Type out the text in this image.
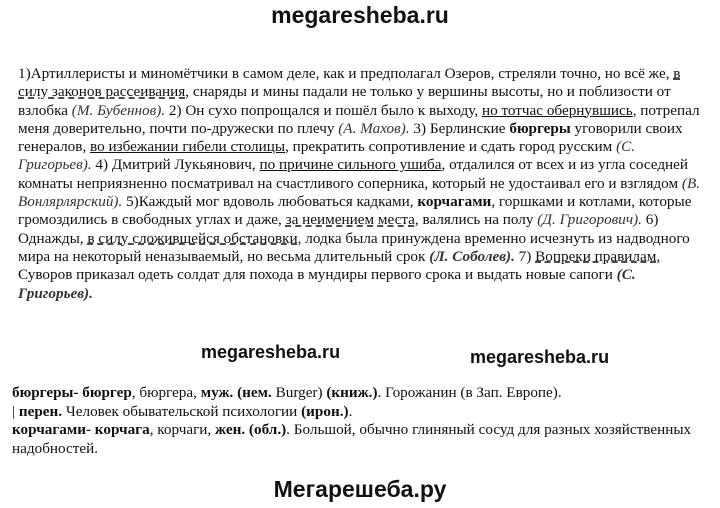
megaresheba.ru

1)Артиллеристы и миномётчики в самом деле, как и предполагал Озеров, стреляли точно, но всё же, в силу законов рассеивания, снаряды и мины падали не только у вершины высоты, но и поблизости от взлобка (М. Бубеннов). 2) Он сухо попрощался и пошёл было к выходу, но тотчас обернувшись, потрепал меня доверительно, почти по-дружески по плечу (А. Махов). 3) Берлинские бюргеры уговорили своих генералов, во избежании гибели столицы, прекратить сопротивление и сдать город русским (С. Григорьев). 4) Дмитрий Лукьянович, по причине сильного ушиба, отдалился от всех и из угла соседней комнаты неприязненно посматривал на счастливого соперника, который не удостаивал его и взглядом (В. Вонлярлярский). 5)Каждый мог вдоволь любоваться кадками, корчагами, горшками и котлами, которые громоздились в свободных углах и даже, за неимением места, валялись на полу (Д. Григорович). 6) Однажды, в силу сложившейся обстановки, лодка была принуждена временно исчезнуть из надводного мира на некоторый неназываемый, но весьма длительный срок (Л. Соболев). 7) Вопреки правилам, Суворов приказал одеть солдат для похода в мундиры первого срока и выдать новые сапоги (С. Григорьев).

megaresheba.ru	megaresheba.ru

бюргеры- бюргер, бюргера, муж. (нем. Burger) (книж.). Горожанин (в Зап. Европе).
| перен. Человек обывательской психологии (ирон.).

корчагами- корчага, корчаги, жен. (обл.). Большой, обычно глиняный сосуд для разных хозяйственных надобностей.

Мегарешеба.ру
